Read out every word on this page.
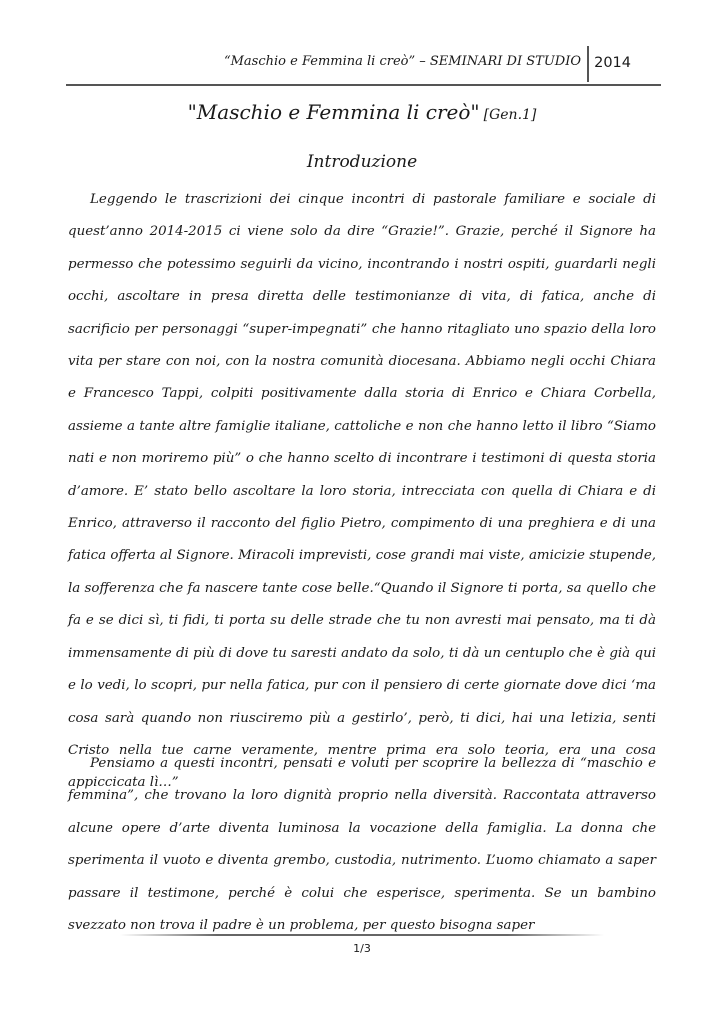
“Maschio e Femmina li creò” – SEMINARI DI STUDIO 2014
"Maschio e Femmina li creò" [Gen.1]
Introduzione

Leggendo le trascrizioni dei cinque incontri di pastorale familiare e sociale di quest’anno 2014-2015 ci viene solo da dire “Grazie!”. Grazie, perché il Signore ha permesso che potessimo seguirli da vicino, incontrando i nostri ospiti, guardarli negli occhi, ascoltare in presa diretta delle testimonianze di vita, di fatica, anche di sacrificio per personaggi “super-impegnati” che hanno ritagliato uno spazio della loro vita per stare con noi, con la nostra comunità diocesana. Abbiamo negli occhi Chiara e Francesco Tappi, colpiti positivamente dalla storia di Enrico e Chiara Corbella, assieme a tante altre famiglie italiane, cattoliche e non che hanno letto il libro “Siamo nati e non moriremo più” o che hanno scelto di incontrare i testimoni di questa storia d’amore. E’ stato bello ascoltare la loro storia, intrecciata con quella di Chiara e di Enrico, attraverso il racconto del figlio Pietro, compimento di una preghiera e di una fatica offerta al Signore. Miracoli imprevisti, cose grandi mai viste, amicizie stupende, la sofferenza che fa nascere tante cose belle.“Quando il Signore ti porta, sa quello che fa e se dici sì, ti fidi, ti porta su delle strade che tu non avresti mai pensato, ma ti dà immensamente di più di dove tu saresti andato da solo, ti dà un centuplo che è già qui e lo vedi, lo scopri, pur nella fatica, pur con il pensiero di certe giornate dove dici ‘ma cosa sarà quando non riusciremo più a gestirlo’, però, ti dici, hai una letizia, senti Cristo nella tue carne veramente, mentre prima era solo teoria, era una cosa appiccicata lì…”

Pensiamo a questi incontri, pensati e voluti per scoprire la bellezza di “maschio e femmina”, che trovano la loro dignità proprio nella diversità. Raccontata attraverso alcune opere d’arte diventa luminosa la vocazione della famiglia. La donna che sperimenta il vuoto e diventa grembo, custodia, nutrimento. L’uomo chiamato a saper passare il testimone, perché è colui che esperisce, sperimenta. Se un bambino svezzato non trova il padre è un problema, per questo bisogna saper

1/3
